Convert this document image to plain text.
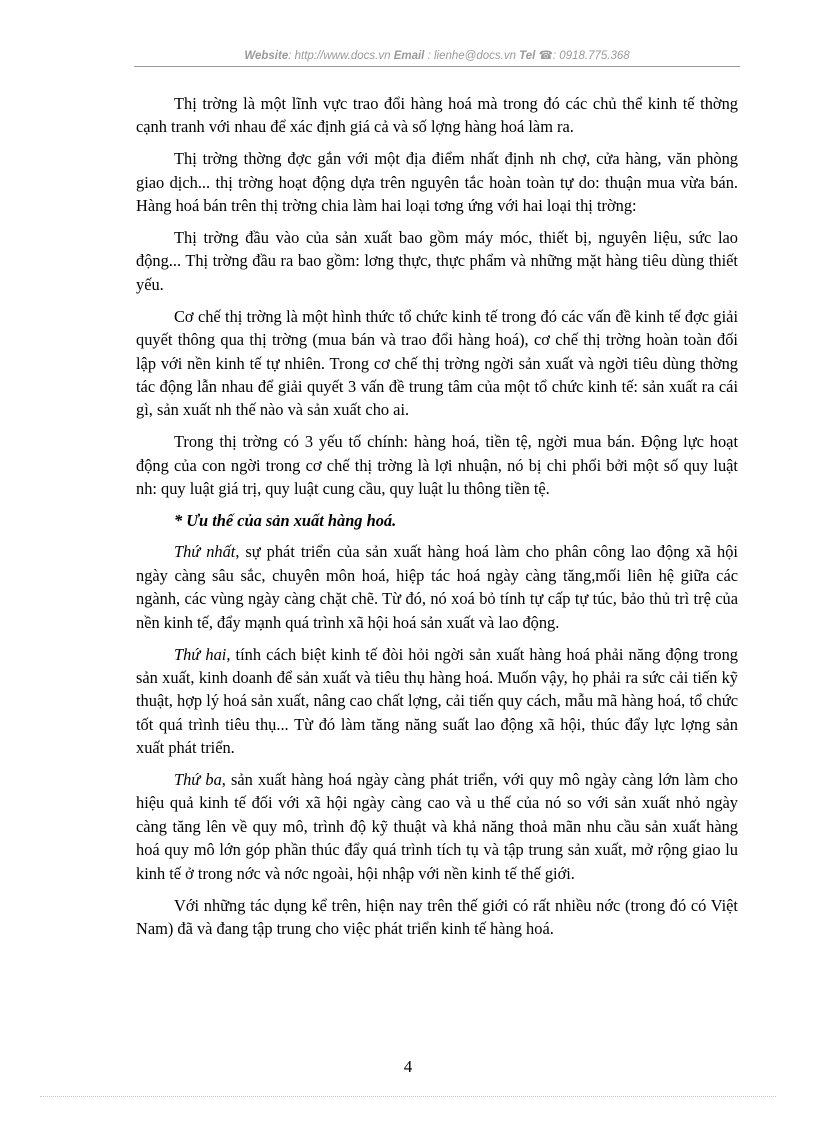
Website: http://www.docs.vn Email : lienhe@docs.vn Tel ☎: 0918.775.368

Thị trờng là một lĩnh vực trao đổi hàng hoá mà trong đó các chủ thể kinh tế thờng cạnh tranh với nhau để xác định giá cả và số lợng hàng hoá làm ra.

Thị trờng thờng đợc gắn với một địa điểm nhất định nh chợ, cửa hàng, văn phòng giao dịch... thị trờng hoạt động dựa trên nguyên tắc hoàn toàn tự do: thuận mua vừa bán. Hàng hoá bán trên thị trờng chia làm hai loại tơng ứng với hai loại thị trờng:

Thị trờng đầu vào của sản xuất bao gồm máy móc, thiết bị, nguyên liệu, sức lao động... Thị trờng đầu ra bao gồm: lơng thực, thực phẩm và những mặt hàng tiêu dùng thiết yếu.

Cơ chế thị trờng là một hình thức tổ chức kinh tế trong đó các vấn đề kinh tế đợc giải quyết thông qua thị trờng (mua bán và trao đổi hàng hoá), cơ chế thị trờng hoàn toàn đối lập với nền kinh tế tự nhiên. Trong cơ chế thị trờng ngời sản xuất và ngời tiêu dùng thờng tác động lẫn nhau để giải quyết 3 vấn đề trung tâm của một tổ chức kinh tế: sản xuất ra cái gì, sản xuất nh thế nào và sản xuất cho ai.

Trong thị trờng có 3 yếu tố chính: hàng hoá, tiền tệ, ngời mua bán. Động lực hoạt động của con ngời trong cơ chế thị trờng là lợi nhuận, nó bị chi phối bởi một số quy luật nh: quy luật giá trị, quy luật cung cầu, quy luật lu thông tiền tệ.

* Ưu thế của sản xuất hàng hoá.

Thứ nhất, sự phát triển của sản xuất hàng hoá làm cho phân công lao động xã hội ngày càng sâu sắc, chuyên môn hoá, hiệp tác hoá ngày càng tăng,mối liên hệ giữa các ngành, các vùng ngày càng chặt chẽ. Từ đó, nó xoá bỏ tính tự cấp tự túc, bảo thủ trì trệ của nền kinh tế, đẩy mạnh quá trình xã hội hoá sản xuất và lao động.

Thứ hai, tính cách biệt kinh tế đòi hỏi ngời sản xuất hàng hoá phải năng động trong sản xuất, kinh doanh để sản xuất và tiêu thụ hàng hoá. Muốn vậy, họ phải ra sức cải tiến kỹ thuật, hợp lý hoá sản xuất, nâng cao chất lợng, cải tiến quy cách, mẫu mã hàng hoá, tổ chức tốt quá trình tiêu thụ... Từ đó làm tăng năng suất lao động xã hội, thúc đẩy lực lợng sản xuất phát triển.

Thứ ba, sản xuất hàng hoá ngày càng phát triển, với quy mô ngày càng lớn làm cho hiệu quả kinh tế đối với xã hội ngày càng cao và u thế của nó so với sản xuất nhỏ ngày càng tăng lên về quy mô, trình độ kỹ thuật và khả năng thoả mãn nhu cầu sản xuất hàng hoá quy mô lớn góp phần thúc đẩy quá trình tích tụ và tập trung sản xuất, mở rộng giao lu kinh tế ở trong nớc và nớc ngoài, hội nhập với nền kinh tế thế giới.

Với những tác dụng kể trên, hiện nay trên thế giới có rất nhiều nớc (trong đó có Việt Nam) đã và đang tập trung cho việc phát triển kinh tế hàng hoá.

4
